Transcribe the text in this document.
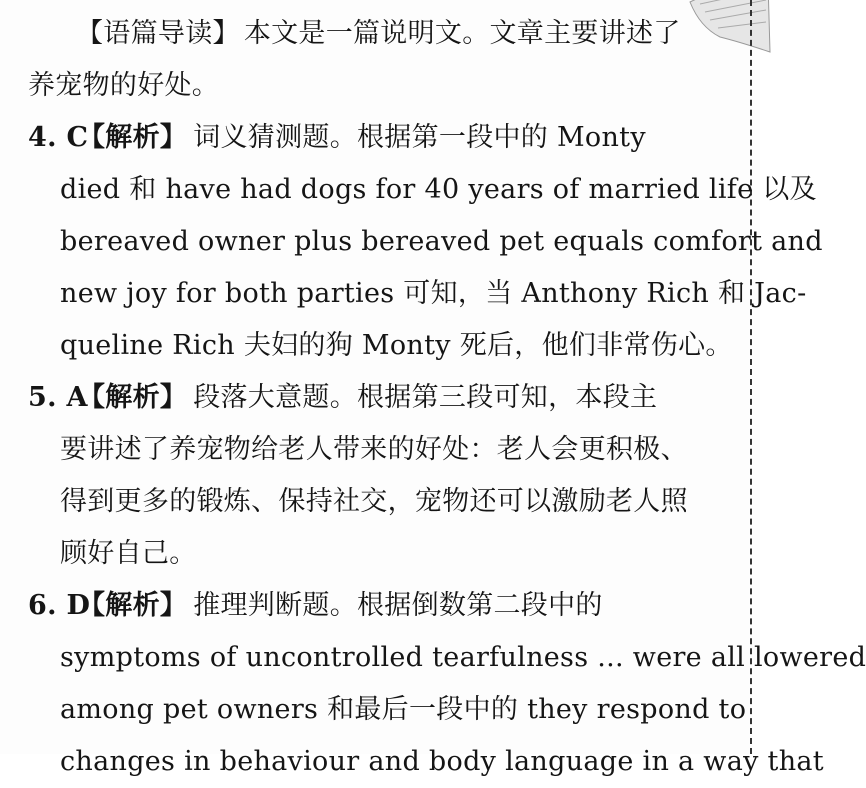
【语篇导读】 本文是一篇说明文。文章主要讲述了
养宠物的好处。
4. C【解析】 词义猜测题。根据第一段中的 Monty
died 和 have had dogs for 40 years of married life 以及
bereaved owner plus bereaved pet equals comfort and
new joy for both parties 可知，当 Anthony Rich 和 Jac-
queline Rich 夫妇的狗 Monty 死后，他们非常伤心。
5. A【解析】 段落大意题。根据第三段可知，本段主
要讲述了养宠物给老人带来的好处：老人会更积极、
得到更多的锻炼、保持社交，宠物还可以激励老人照
顾好自己。
6. D【解析】 推理判断题。根据倒数第二段中的
symptoms of uncontrolled tearfulness ... were all lowered
among pet owners 和最后一段中的 they respond to
changes in behaviour and body language in a way that
